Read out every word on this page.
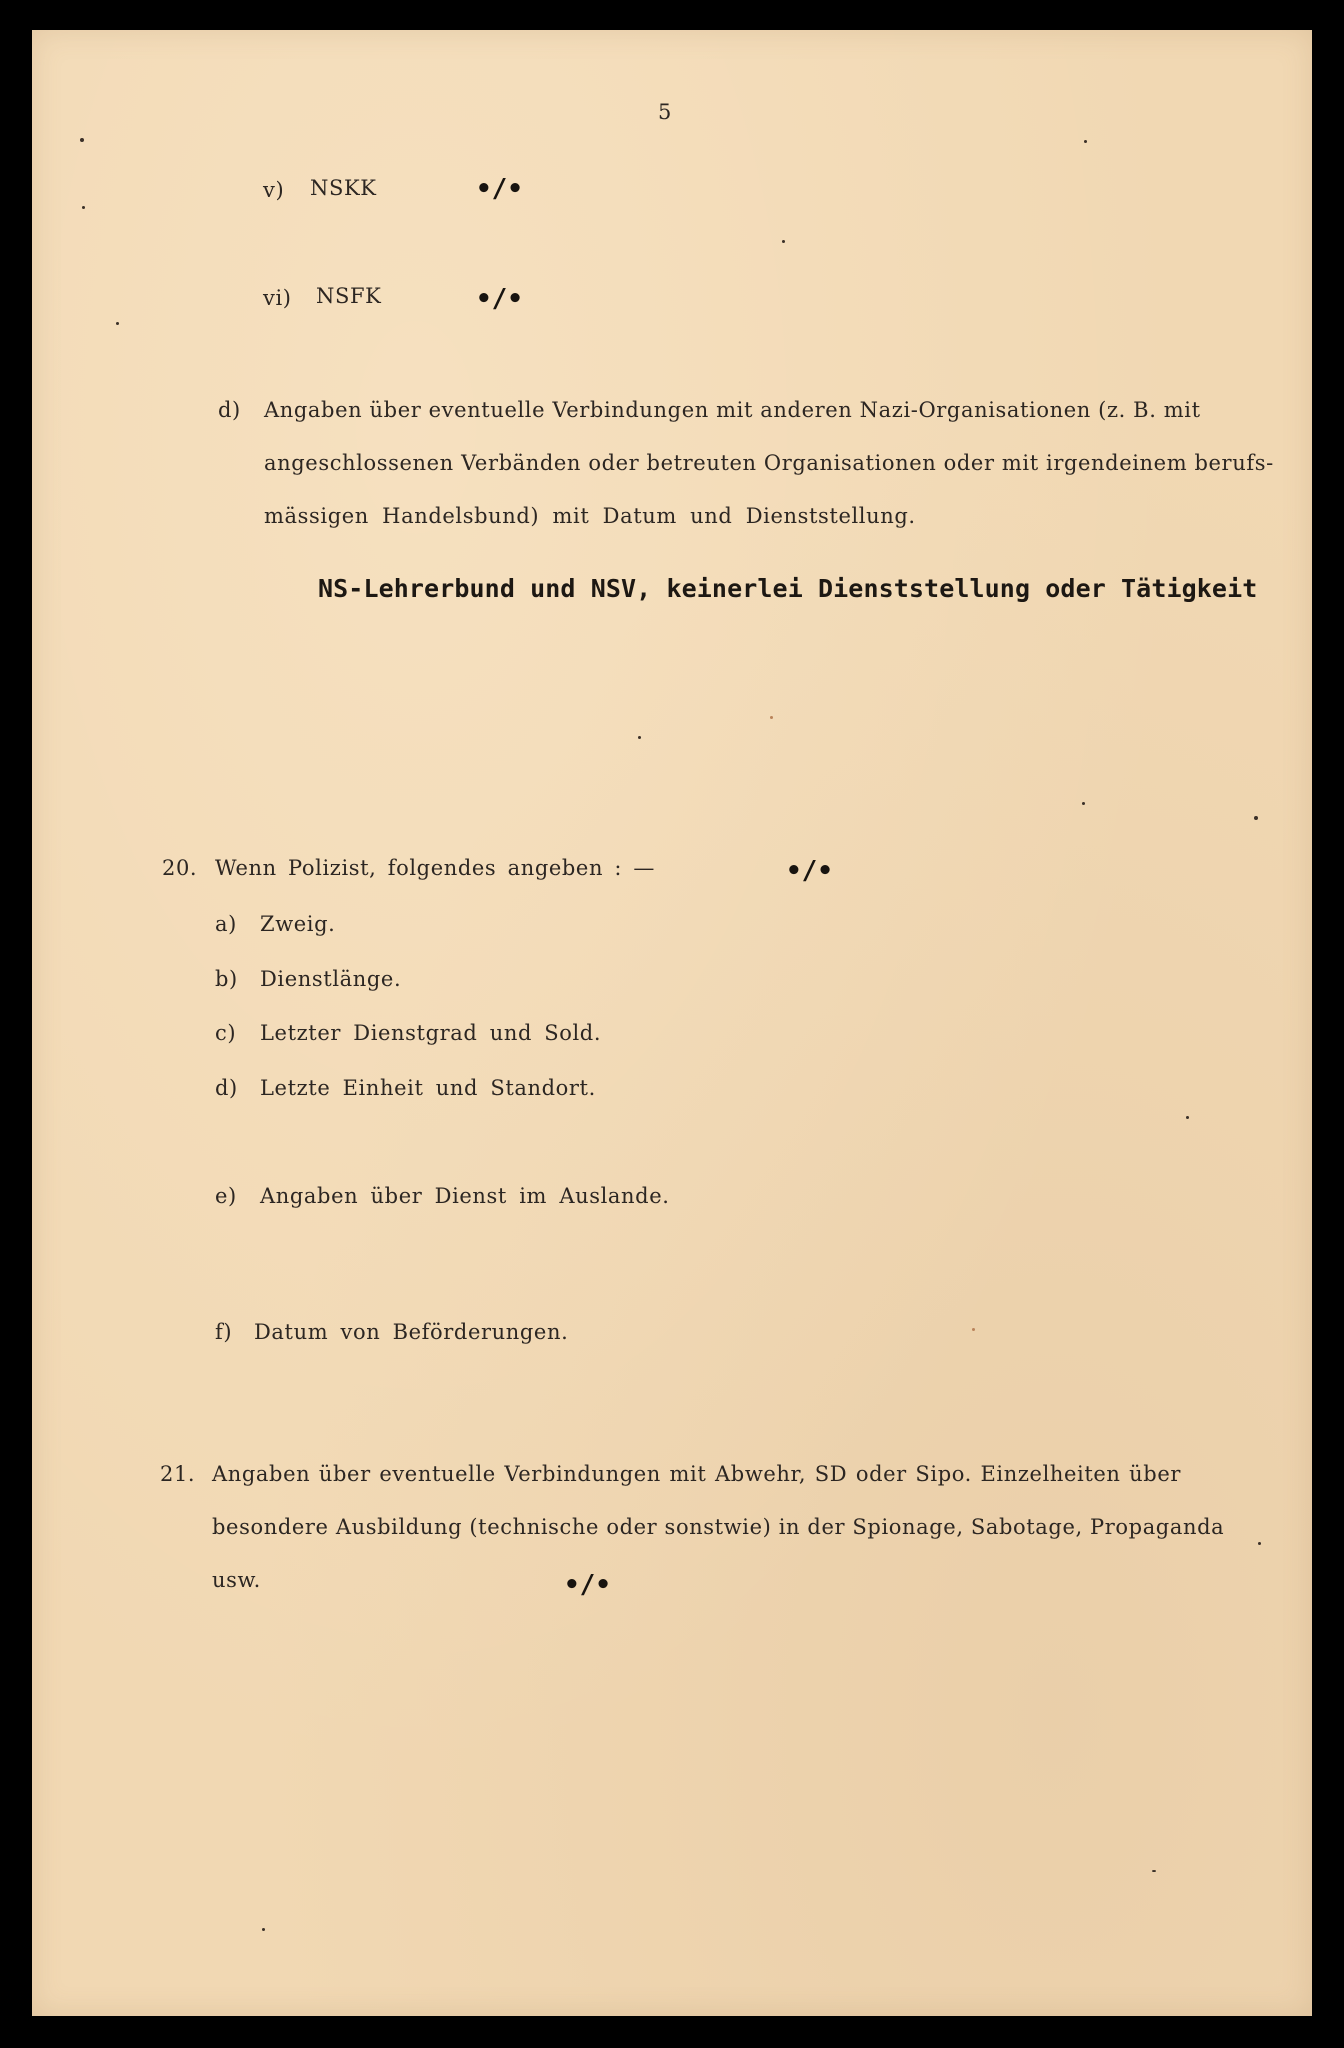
5
v) NSKK	•/•
vi) NSFK	•/•
d) Angaben über eventuelle Verbindungen mit anderen Nazi-Organisationen (z. B. mit
angeschlossenen Verbänden oder betreuten Organisationen oder mit irgendeinem berufs-
mässigen Handelsbund) mit Datum und Dienststellung.
NS-Lehrerbund und NSV, keinerlei Dienststellung oder Tätigkeit
20. Wenn Polizist, folgendes angeben : —	•/•
a) Zweig.
b) Dienstlänge.
c) Letzter Dienstgrad und Sold.
d) Letzte Einheit und Standort.
e) Angaben über Dienst im Auslande.
f) Datum von Beförderungen.
21. Angaben über eventuelle Verbindungen mit Abwehr, SD oder Sipo. Einzelheiten über
besondere Ausbildung (technische oder sonstwie) in der Spionage, Sabotage, Propaganda
usw.	•/•
